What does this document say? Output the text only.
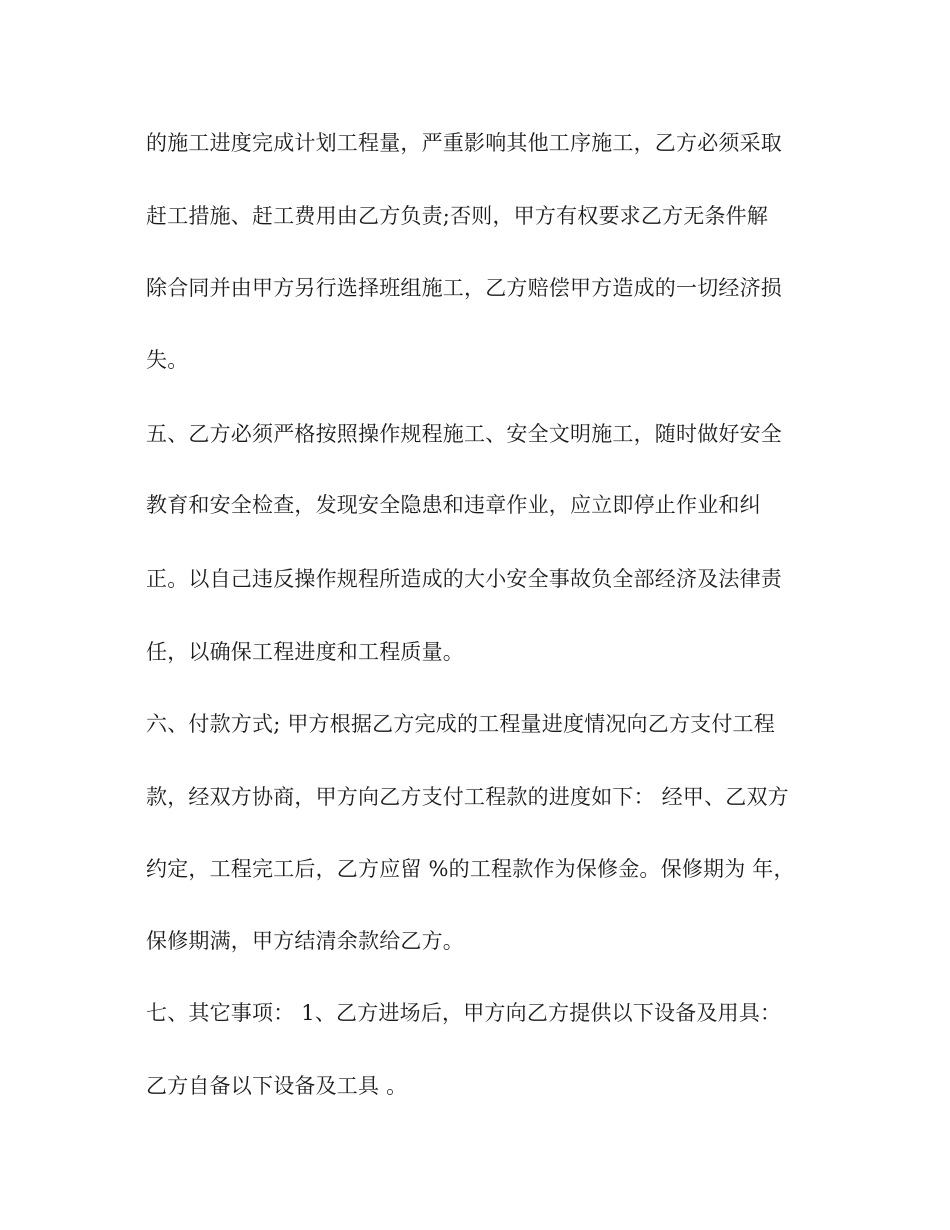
的施工进度完成计划工程量，严重影响其他工序施工，乙方必须采取
赶工措施、赶工费用由乙方负责;否则，甲方有权要求乙方无条件解
除合同并由甲方另行选择班组施工，乙方赔偿甲方造成的一切经济损
失。
五、乙方必须严格按照操作规程施工、安全文明施工，随时做好安全
教育和安全检查，发现安全隐患和违章作业，应立即停止作业和纠
正。以自己违反操作规程所造成的大小安全事故负全部经济及法律责
任，以确保工程进度和工程质量。
六、付款方式; 甲方根据乙方完成的工程量进度情况向乙方支付工程
款，经双方协商，甲方向乙方支付工程款的进度如下： 经甲、乙双方
约定，工程完工后，乙方应留 %的工程款作为保修金。保修期为 年，
保修期满，甲方结清余款给乙方。
七、其它事项： 1、乙方进场后，甲方向乙方提供以下设备及用具：
乙方自备以下设备及工具 。
